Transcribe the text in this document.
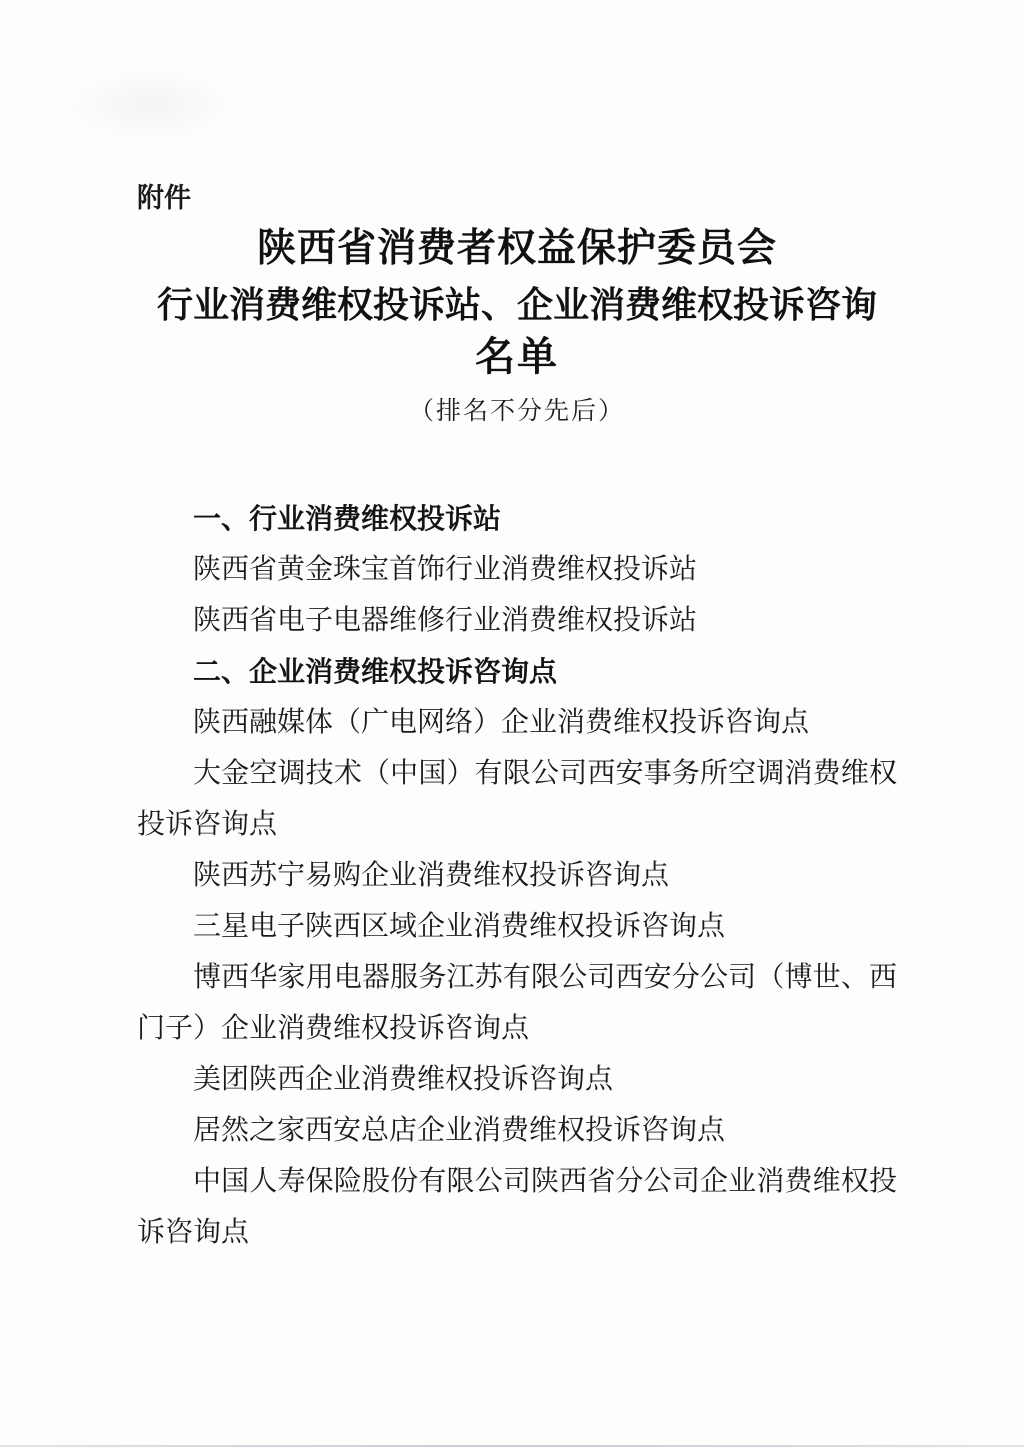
附件
陕西省消费者权益保护委员会
行业消费维权投诉站、企业消费维权投诉咨询
名单
（排名不分先后）

一、行业消费维权投诉站

陕西省黄金珠宝首饰行业消费维权投诉站

陕西省电子电器维修行业消费维权投诉站

二、企业消费维权投诉咨询点

陕西融媒体（广电网络）企业消费维权投诉咨询点

大金空调技术（中国）有限公司西安事务所空调消费维权投诉咨询点

陕西苏宁易购企业消费维权投诉咨询点

三星电子陕西区域企业消费维权投诉咨询点

博西华家用电器服务江苏有限公司西安分公司（博世、西门子）企业消费维权投诉咨询点

美团陕西企业消费维权投诉咨询点

居然之家西安总店企业消费维权投诉咨询点

中国人寿保险股份有限公司陕西省分公司企业消费维权投诉咨询点
